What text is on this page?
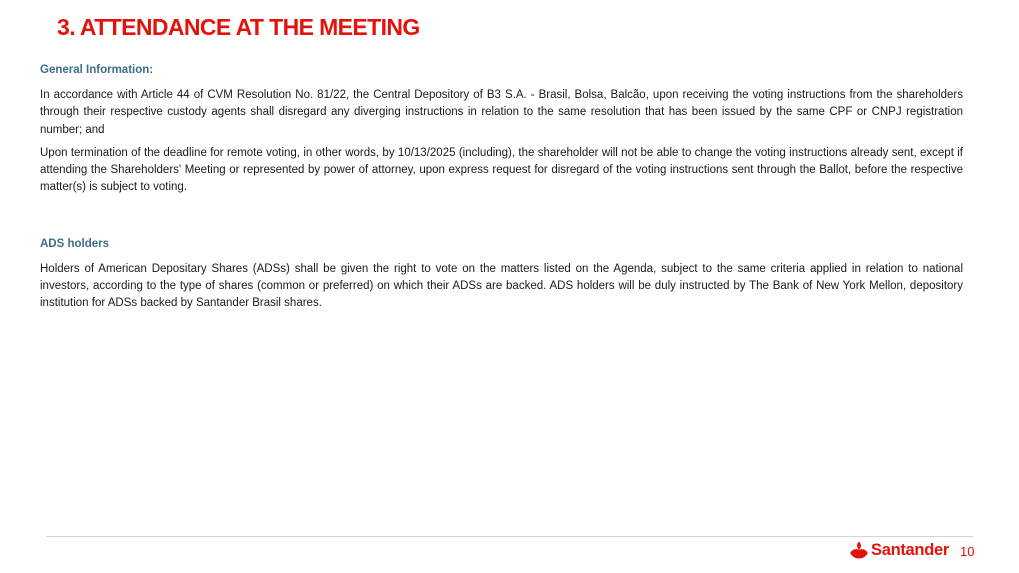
3. ATTENDANCE AT THE MEETING
General Information:

In accordance with Article 44 of CVM Resolution No. 81/22, the Central Depository of B3 S.A. - Brasil, Bolsa, Balcão, upon receiving the voting instructions from the shareholders through their respective custody agents shall disregard any diverging instructions in relation to the same resolution that has been issued by the same CPF or CNPJ registration number; and

Upon termination of the deadline for remote voting, in other words, by 10/13/2025 (including), the shareholder will not be able to change the voting instructions already sent, except if attending the Shareholders' Meeting or represented by power of attorney, upon express request for disregard of the voting instructions sent through the Ballot, before the respective matter(s) is subject to voting.

ADS holders

Holders of American Depositary Shares (ADSs) shall be given the right to vote on the matters listed on the Agenda, subject to the same criteria applied in relation to national investors, according to the type of shares (common or preferred) on which their ADSs are backed. ADS holders will be duly instructed by The Bank of New York Mellon, depository institution for ADSs backed by Santander Brasil shares.

Santander 10
